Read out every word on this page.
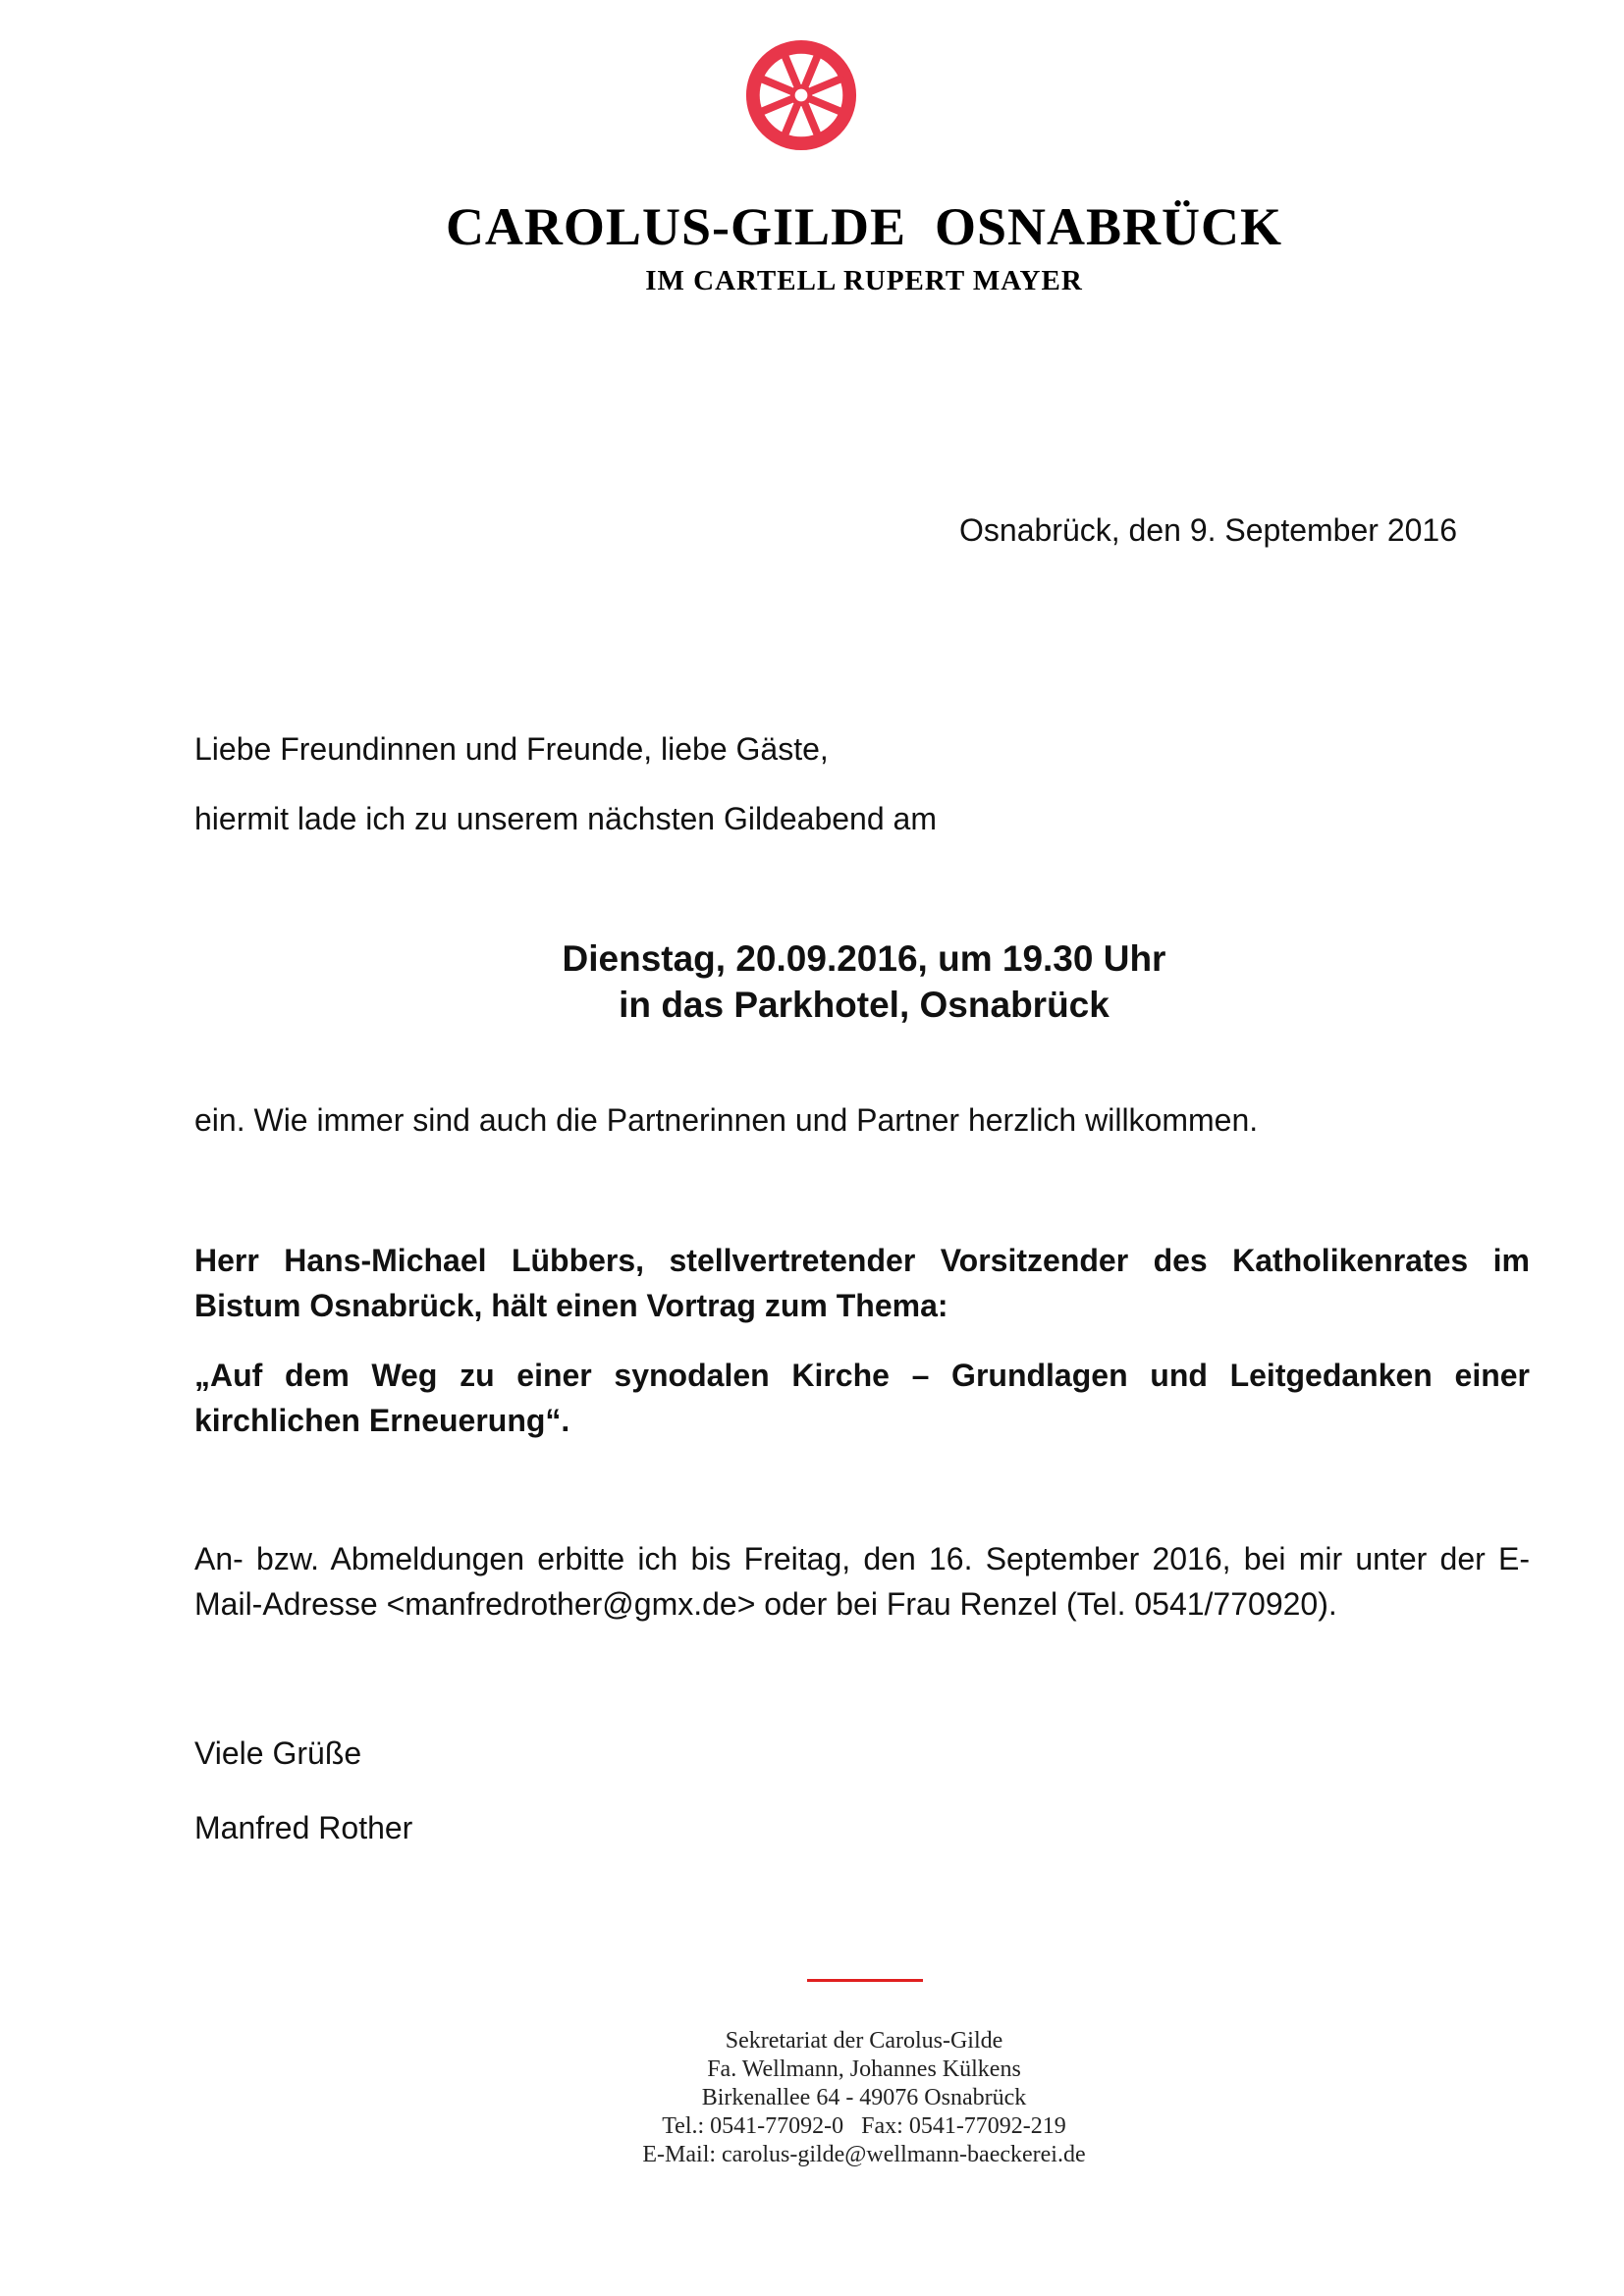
CAROLUS-GILDE  OSNABRÜCK
IM CARTELL RUPERT MAYER
Osnabrück, den 9. September 2016
Liebe Freundinnen und Freunde, liebe Gäste,
hiermit lade ich zu unserem nächsten Gildeabend am
Dienstag, 20.09.2016, um 19.30 Uhr
in das Parkhotel, Osnabrück
ein. Wie immer sind auch die Partnerinnen und Partner herzlich willkommen.
Herr Hans-Michael Lübbers, stellvertretender Vorsitzender des Katholikenrates im Bistum Osnabrück, hält einen Vortrag zum Thema:
„Auf dem Weg zu einer synodalen Kirche – Grundlagen und Leitgedanken einer kirchlichen Erneuerung“.
An- bzw. Abmeldungen erbitte ich bis Freitag, den 16. September 2016, bei mir unter der E-Mail-Adresse <manfredrother@gmx.de> oder bei Frau Renzel (Tel. 0541/770920).
Viele Grüße
Manfred Rother
Sekretariat der Carolus-Gilde
Fa. Wellmann, Johannes Külkens
Birkenallee 64 - 49076 Osnabrück
Tel.: 0541-77092-0   Fax: 0541-77092-219
E-Mail: carolus-gilde@wellmann-baeckerei.de
